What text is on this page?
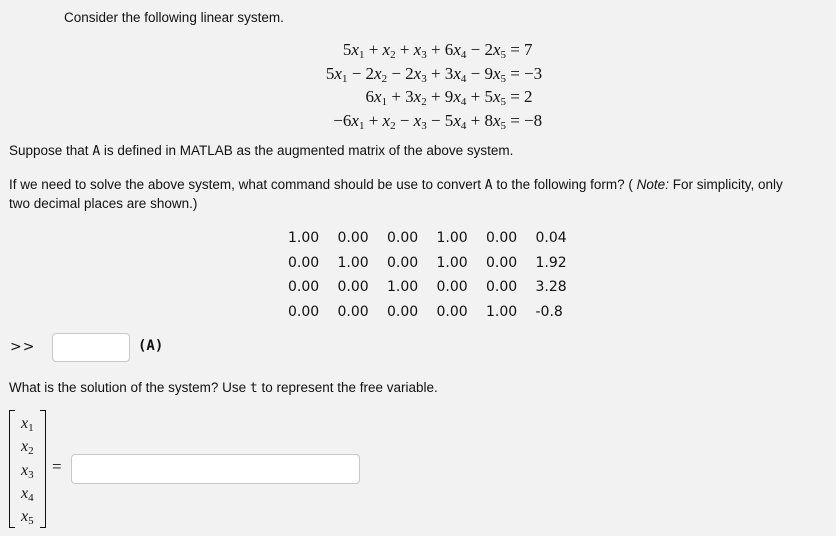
Consider the following linear system.
$5x_1 + x_2 + x_3 + 6x_4 - 2x_5 = 7$
$5x_1 - 2x_2 - 2x_3 + 3x_4 - 9x_5 = -3$
$6x_1 + 3x_2 + 9x_4 + 5x_5 = 2$
$-6x_1 + x_2 - x_3 - 5x_4 + 8x_5 = -8$
Suppose that A is defined in MATLAB as the augmented matrix of the above system.
If we need to solve the above system, what command should be use to convert A to the following form? ( Note: For simplicity, only
two decimal places are shown.)
1.00	0.00	0.00	1.00	0.00	0.04
0.00	1.00	0.00	1.00	0.00	1.92
0.00	0.00	1.00	0.00	0.00	3.28
0.00	0.00	0.00	0.00	1.00	-0.8
>>	(A)
What is the solution of the system? Use t to represent the free variable.
$x_1$
$x_2$
$x_3$
$x_4$
$x_5$
=
